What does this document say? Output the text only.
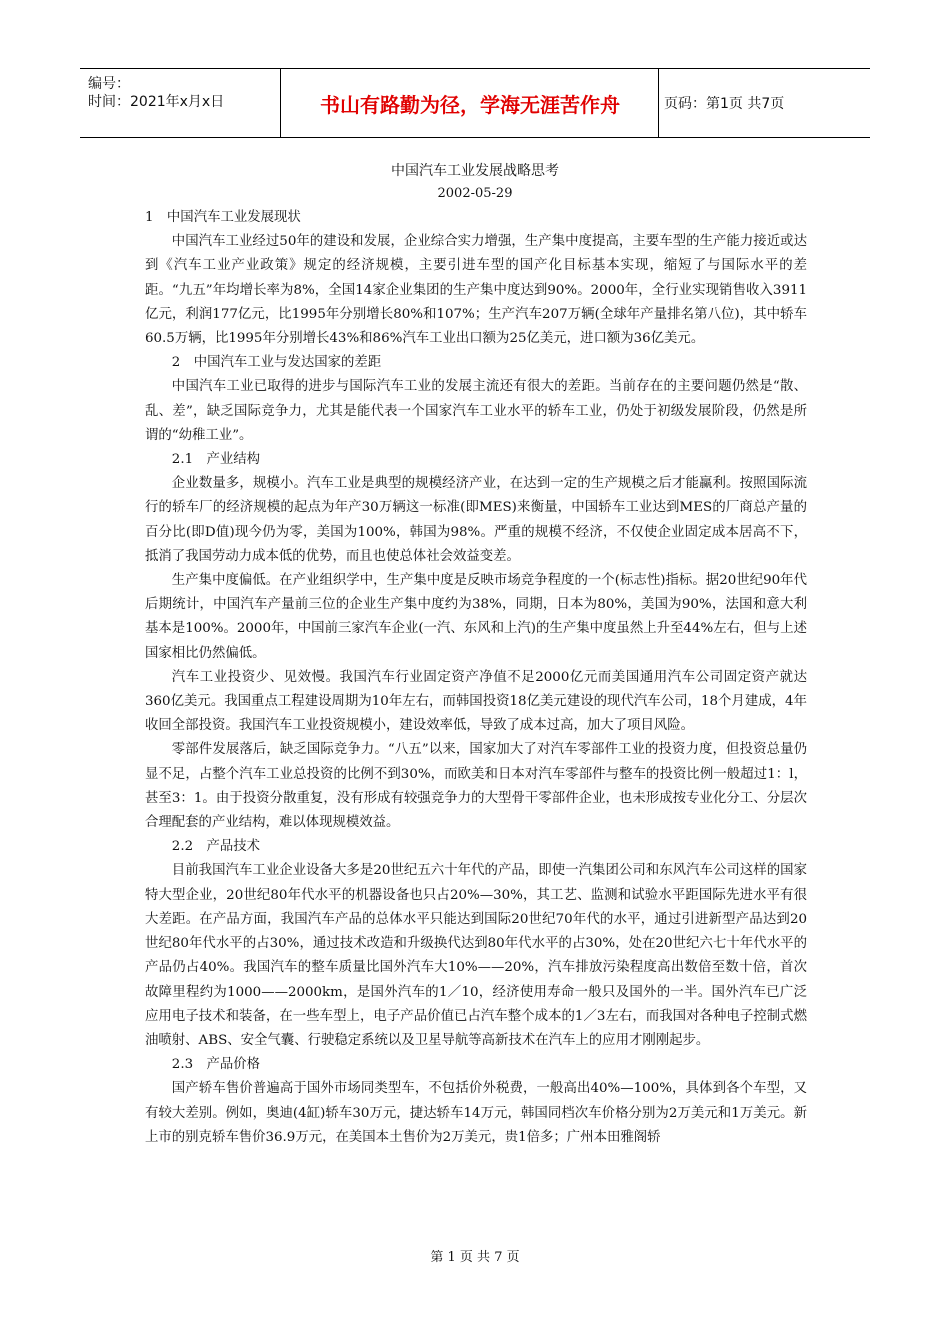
编号：
时间：2021年x月x日	书山有路勤为径，学海无涯苦作舟	页码：第1页 共7页
中国汽车工业发展战略思考
2002-05-29

1　中国汽车工业发展现状

中国汽车工业经过50年的建设和发展，企业综合实力增强，生产集中度提高，主要车型的生产能力接近或达到《汽车工业产业政策》规定的经济规模，主要引进车型的国产化目标基本实现，缩短了与国际水平的差距。“九五”年均增长率为8%，全国14家企业集团的生产集中度达到90%。2000年，全行业实现销售收入3911亿元，利润177亿元，比1995年分别增长80%和107%；生产汽车207万辆(全球年产量排名第八位)，其中轿车60.5万辆，比1995年分别增长43%和86%汽车工业出口额为25亿美元，进口额为36亿美元。

2　中国汽车工业与发达国家的差距

中国汽车工业已取得的进步与国际汽车工业的发展主流还有很大的差距。当前存在的主要问题仍然是“散、乱、差”，缺乏国际竞争力，尤其是能代表一个国家汽车工业水平的轿车工业，仍处于初级发展阶段，仍然是所谓的“幼稚工业”。

2.1　产业结构

企业数量多，规模小。汽车工业是典型的规模经济产业，在达到一定的生产规模之后才能赢利。按照国际流行的轿车厂的经济规模的起点为年产30万辆这一标准(即MES)来衡量，中国轿车工业达到MES的厂商总产量的百分比(即D值)现今仍为零，美国为100%，韩国为98%。严重的规模不经济，不仅使企业固定成本居高不下，抵消了我国劳动力成本低的优势，而且也使总体社会效益变差。

生产集中度偏低。在产业组织学中，生产集中度是反映市场竞争程度的一个(标志性)指标。据20世纪90年代后期统计，中国汽车产量前三位的企业生产集中度约为38%，同期，日本为80%，美国为90%，法国和意大利基本是100%。2000年，中国前三家汽车企业(一汽、东风和上汽)的生产集中度虽然上升至44%左右，但与上述国家相比仍然偏低。

汽车工业投资少、见效慢。我国汽车行业固定资产净值不足2000亿元而美国通用汽车公司固定资产就达360亿美元。我国重点工程建设周期为10年左右，而韩国投资18亿美元建设的现代汽车公司，18个月建成，4年收回全部投资。我国汽车工业投资规模小，建设效率低，导致了成本过高，加大了项目风险。

零部件发展落后，缺乏国际竞争力。“八五”以来，国家加大了对汽车零部件工业的投资力度，但投资总量仍显不足，占整个汽车工业总投资的比例不到30%，而欧美和日本对汽车零部件与整车的投资比例一般超过1：l，甚至3：1。由于投资分散重复，没有形成有较强竞争力的大型骨干零部件企业，也未形成按专业化分工、分层次合理配套的产业结构，难以体现规模效益。

2.2　产品技术

目前我国汽车工业企业设备大多是20世纪五六十年代的产品，即使一汽集团公司和东风汽车公司这样的国家特大型企业，20世纪80年代水平的机器设备也只占20%—30%，其工艺、监测和试验水平距国际先进水平有很大差距。在产品方面，我国汽车产品的总体水平只能达到国际20世纪70年代的水平，通过引进新型产品达到20世纪80年代水平的占30%，通过技术改造和升级换代达到80年代水平的占30%，处在20世纪六七十年代水平的产品仍占40%。我国汽车的整车质量比国外汽车大10%——20%，汽车排放污染程度高出数倍至数十倍，首次故障里程约为1000——2000km，是国外汽车的1／10，经济使用寿命一般只及国外的一半。国外汽车已广泛应用电子技术和装备，在一些车型上，电子产品价值已占汽车整个成本的1／3左右，而我国对各种电子控制式燃油喷射、ABS、安全气囊、行驶稳定系统以及卫星导航等高新技术在汽车上的应用才刚刚起步。

2.3　产品价格

国产轿车售价普遍高于国外市场同类型车，不包括价外税费，一般高出40%—100%，具体到各个车型，又有较大差别。例如，奥迪(4缸)轿车30万元，捷达轿车14万元，韩国同档次车价格分别为2万美元和1万美元。新上市的别克轿车售价36.9万元，在美国本土售价为2万美元，贵1倍多；广州本田雅阁轿

第 1 页 共 7 页
